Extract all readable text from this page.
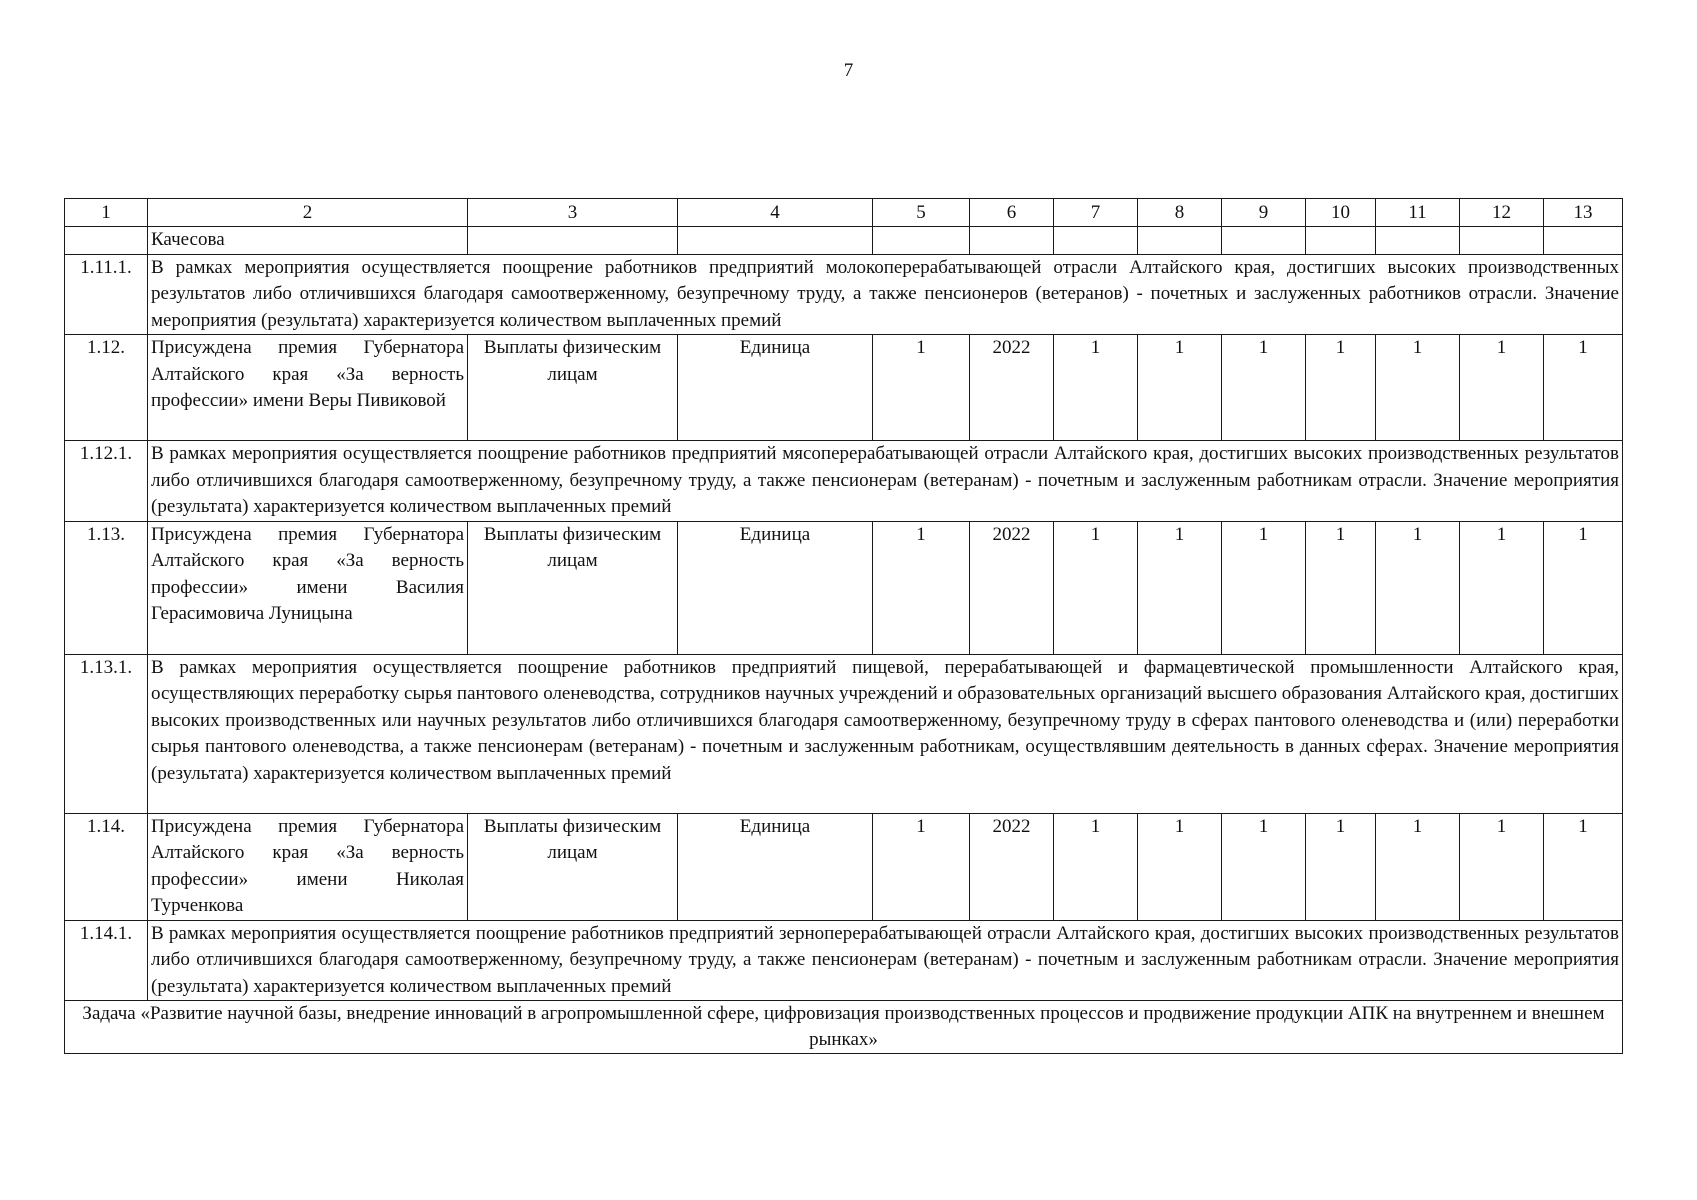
7
1	2	3	4	5	6	7	8	9	10	11	12	13
	Качесова											
1.11.1.	В рамках мероприятия осуществляется поощрение работников предприятий молокоперерабатывающей отрасли Алтайского края, достигших высоких производственных результатов либо отличившихся благодаря самоотверженному, безупречному труду, а также пенсионеров (ветеранов) - почетных и заслуженных работников отрасли. Значение мероприятия (результата) характеризуется количеством выплаченных премий											
1.12.	Присуждена премия Губернатора Алтайского края «За верность профессии» имени Веры Пивиковой	Выплаты физическим лицам	Единица	1	2022	1	1	1	1	1	1	1
1.12.1.	В рамках мероприятия осуществляется поощрение работников предприятий мясоперерабатывающей отрасли Алтайского края, достигших высоких производственных результатов либо отличившихся благодаря самоотверженному, безупречному труду, а также пенсионерам (ветеранам) - почетным и заслуженным работникам отрасли. Значение мероприятия (результата) характеризуется количеством выплаченных премий											
1.13.	Присуждена премия Губернатора Алтайского края «За верность профессии» имени Василия Герасимовича Луницына	Выплаты физическим лицам	Единица	1	2022	1	1	1	1	1	1	1
1.13.1.	В рамках мероприятия осуществляется поощрение работников предприятий пищевой, перерабатывающей и фармацевтической промышленности Алтайского края, осуществляющих переработку сырья пантового оленеводства, сотрудников научных учреждений и образовательных организаций высшего образования Алтайского края, достигших высоких производственных или научных результатов либо отличившихся благодаря самоотверженному, безупречному труду в сферах пантового оленеводства и (или) переработки сырья пантового оленеводства, а также пенсионерам (ветеранам) - почетным и заслуженным работникам, осуществлявшим деятельность в данных сферах. Значение мероприятия (результата) характеризуется количеством выплаченных премий											
1.14.	Присуждена премия Губернатора Алтайского края «За верность профессии» имени Николая Турченкова	Выплаты физическим лицам	Единица	1	2022	1	1	1	1	1	1	1
1.14.1.	В рамках мероприятия осуществляется поощрение работников предприятий зерноперерабатывающей отрасли Алтайского края, достигших высоких производственных результатов либо отличившихся благодаря самоотверженному, безупречному труду, а также пенсионерам (ветеранам) - почетным и заслуженным работникам отрасли. Значение мероприятия (результата) характеризуется количеством выплаченных премий											
Задача «Развитие научной базы, внедрение инноваций в агропромышленной сфере, цифровизация производственных процессов и продвижение продукции АПК на внутреннем и внешнем рынках»												
